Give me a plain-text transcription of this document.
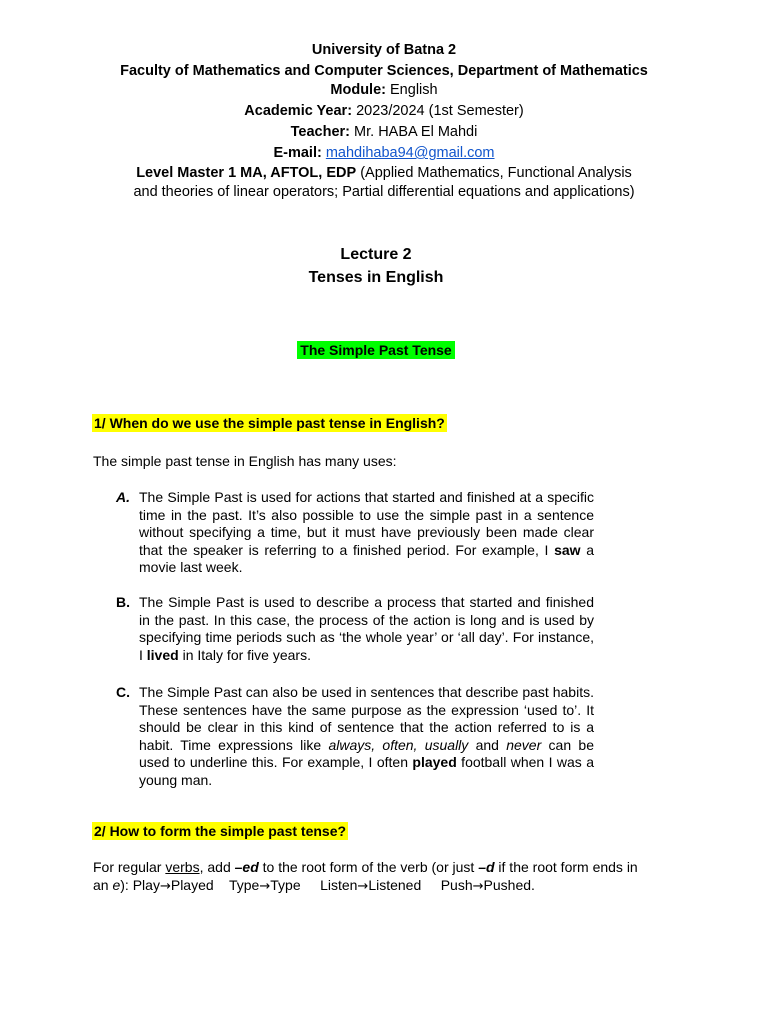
University of Batna 2
Faculty of Mathematics and Computer Sciences, Department of Mathematics
Module: English
Academic Year: 2023/2024 (1st Semester)
Teacher: Mr. HABA El Mahdi
E-mail: mahdihaba94@gmail.com
Level Master 1 MA, AFTOL, EDP (Applied Mathematics, Functional Analysis
and theories of linear operators; Partial differential equations and applications)
Lecture 2
Tenses in English
The Simple Past Tense
1/ When do we use the simple past tense in English?
The simple past tense in English has many uses:
A. The Simple Past is used for actions that started and finished at a specific time in the past. It’s also possible to use the simple past in a sentence without specifying a time, but it must have previously been made clear that the speaker is referring to a finished period. For example, I saw a movie last week.
B. The Simple Past is used to describe a process that started and finished in the past. In this case, the process of the action is long and is used by specifying time periods such as ‘the whole year’ or ‘all day’. For instance, I lived in Italy for five years.
C. The Simple Past can also be used in sentences that describe past habits. These sentences have the same purpose as the expression ‘used to’. It should be clear in this kind of sentence that the action referred to is a habit. Time expressions like always, often, usually and never can be used to underline this. For example, I often played football when I was a young man.
2/ How to form the simple past tense?
For regular verbs, add –ed to the root form of the verb (or just –d if the root form ends in an e): Play→Played Type→Type Listen→Listened Push→Pushed.
